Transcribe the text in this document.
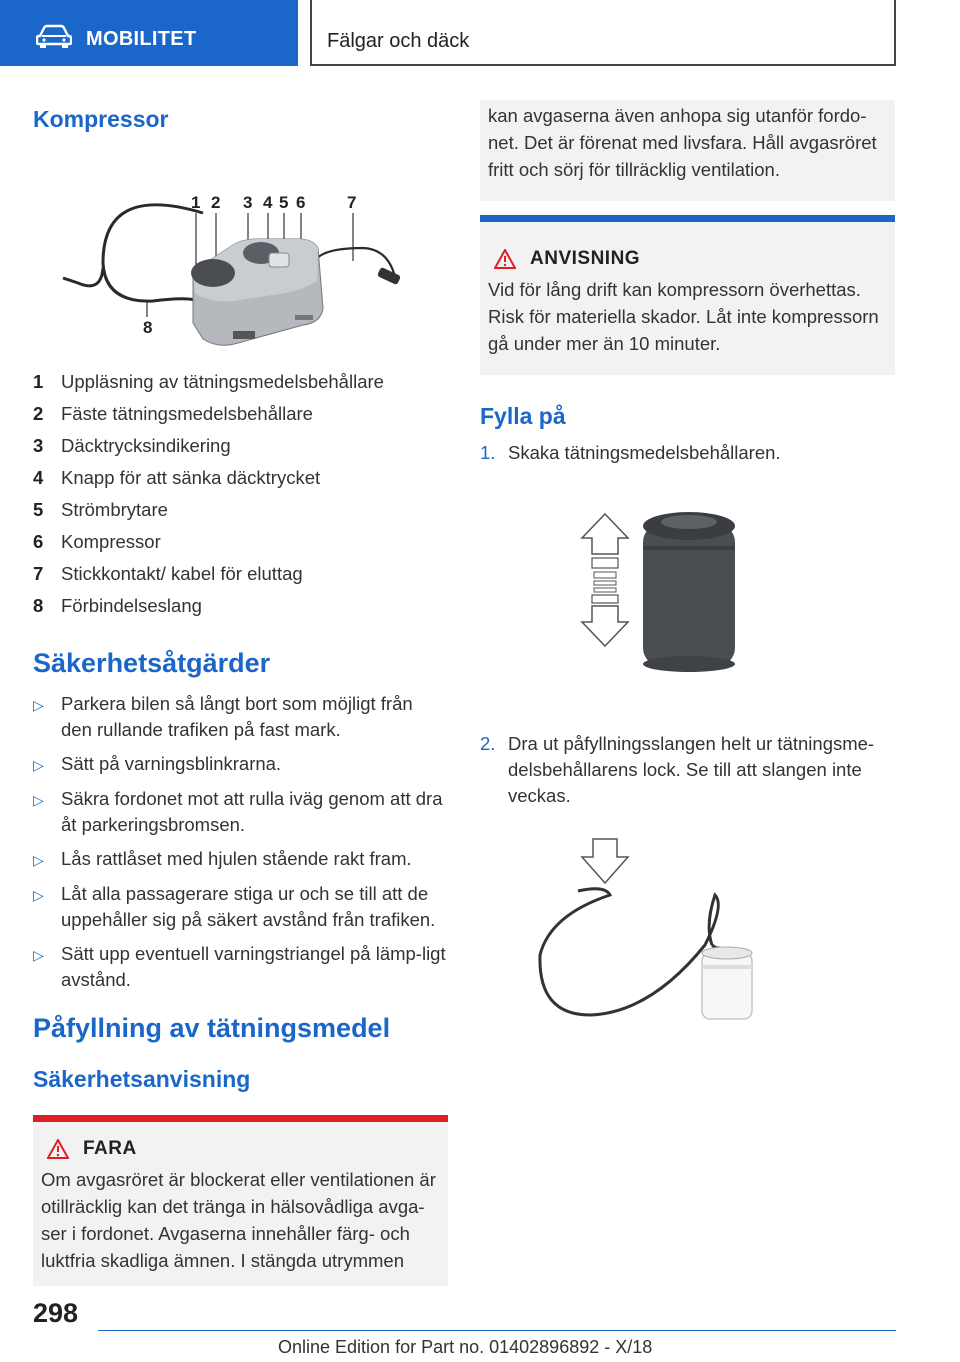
MOBILITET	Fälgar och däck
Kompressor
1 2 3 4 5 6 7
8
1 Uppläsning av tätningsmedelsbehållare
2 Fäste tätningsmedelsbehållare
3 Däcktrycksindikering
4 Knapp för att sänka däcktrycket
5 Strömbrytare
6 Kompressor
7 Stickkontakt/ kabel för eluttag
8 Förbindelseslang
Säkerhetsåtgärder
▷ Parkera bilen så långt bort som möjligt från den rullande trafiken på fast mark.
▷ Sätt på varningsblinkrarna.
▷ Säkra fordonet mot att rulla iväg genom att dra åt parkeringsbromsen.
▷ Lås rattlåset med hjulen stående rakt fram.
▷ Låt alla passagerare stiga ur och se till att de uppehåller sig på säkert avstånd från trafiken.
▷ Sätt upp eventuell varningstriangel på lämp-ligt avstånd.
Påfyllning av tätningsmedel
Säkerhetsanvisning
FARA
Om avgasröret är blockerat eller ventilationen är otillräcklig kan det tränga in hälsovådliga avga-ser i fordonet. Avgaserna innehåller färg- och luktfria skadliga ämnen. I stängda utrymmen
kan avgaserna även anhopa sig utanför fordo-net. Det är förenat med livsfara. Håll avgasröret fritt och sörj för tillräcklig ventilation.
ANVISNING
Vid för lång drift kan kompressorn överhettas. Risk för materiella skador. Låt inte kompressorn gå under mer än 10 minuter.
Fylla på
1. Skaka tätningsmedelsbehållaren.
2. Dra ut påfyllningsslangen helt ur tätningsme-delsbehållarens lock. Se till att slangen inte veckas.
298
Online Edition for Part no. 01402896892 - X/18
